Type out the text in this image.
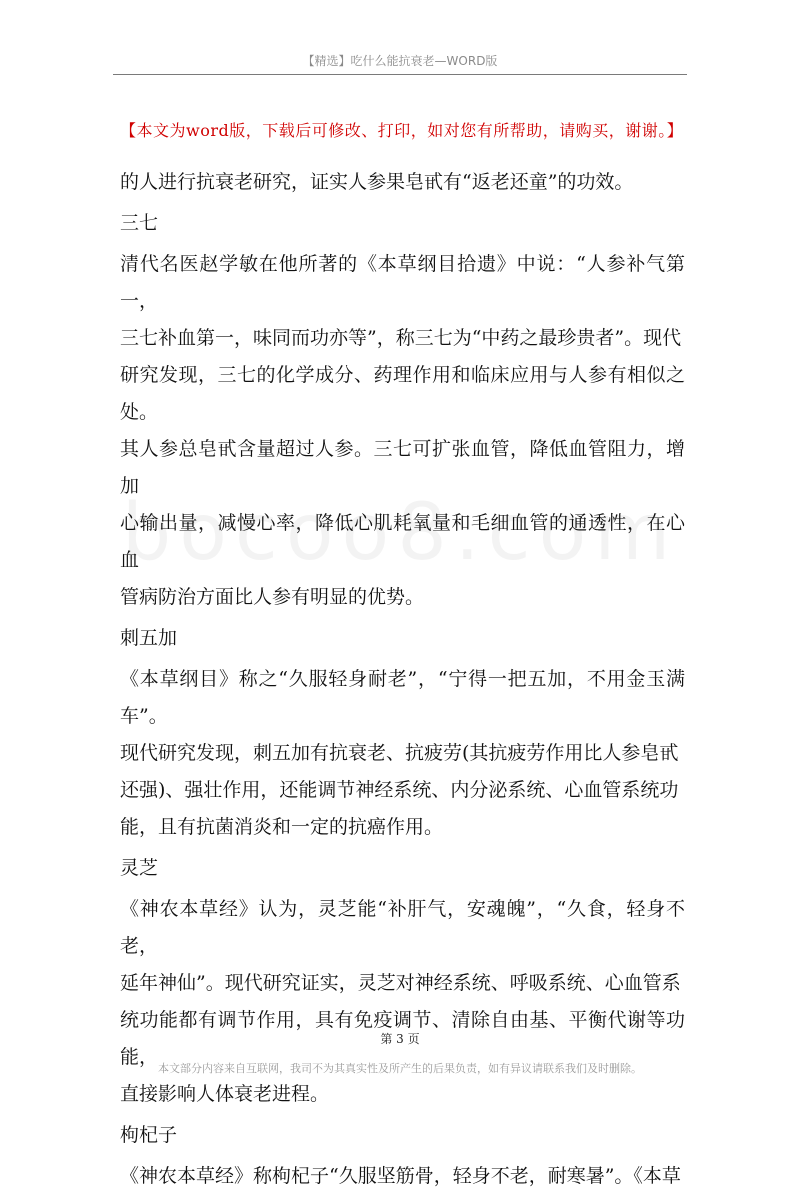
【精选】吃什么能抗衰老—WORD版
【本文为word版，下载后可修改、打印，如对您有所帮助，请购买，谢谢。】

的人进行抗衰老研究，证实人参果皂甙有“返老还童”的功效。

三七

清代名医赵学敏在他所著的《本草纲目拾遗》中说：“人参补气第一，

三七补血第一，味同而功亦等”，称三七为“中药之最珍贵者”。现代

研究发现，三七的化学成分、药理作用和临床应用与人参有相似之处。

其人参总皂甙含量超过人参。三七可扩张血管，降低血管阻力，增加

心输出量，减慢心率，降低心肌耗氧量和毛细血管的通透性，在心血

管病防治方面比人参有明显的优势。

刺五加

《本草纲目》称之“久服轻身耐老”，“宁得一把五加，不用金玉满车”。

现代研究发现，刺五加有抗衰老、抗疲劳(其抗疲劳作用比人参皂甙

还强)、强壮作用，还能调节神经系统、内分泌系统、心血管系统功

能，且有抗菌消炎和一定的抗癌作用。

灵芝

《神农本草经》认为，灵芝能“补肝气，安魂魄”，“久食，轻身不老，

延年神仙”。现代研究证实，灵芝对神经系统、呼吸系统、心血管系

统功能都有调节作用，具有免疫调节、清除自由基、平衡代谢等功能，

直接影响人体衰老进程。

枸杞子

《神农本草经》称枸杞子“久服坚筋骨，轻身不老，耐寒暑”。《本草

第 3 页
本文部分内容来自互联网，我司不为其真实性及所产生的后果负责，如有异议请联系我们及时删除。
